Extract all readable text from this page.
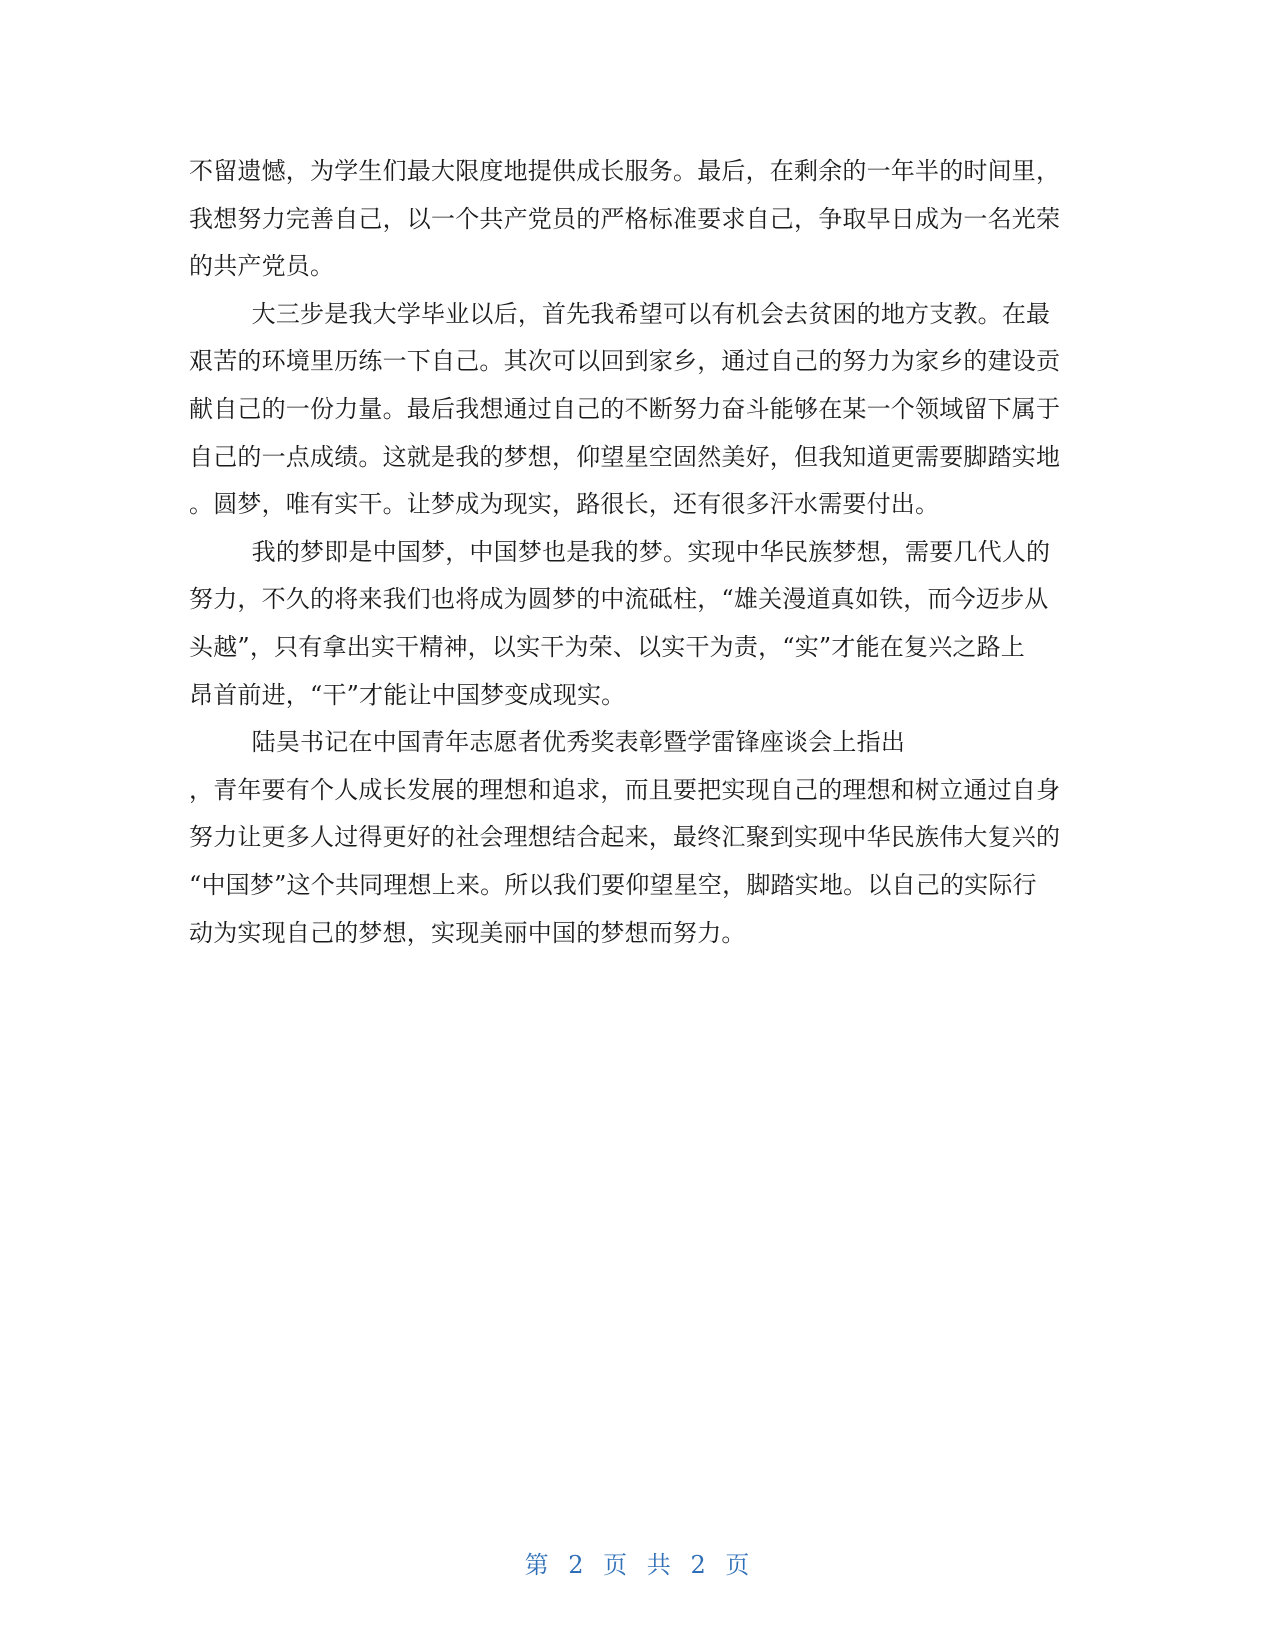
不留遗憾，为学生们最大限度地提供成长服务。最后，在剩余的一年半的时间里，
我想努力完善自己，以一个共产党员的严格标准要求自己，争取早日成为一名光荣
的共产党员。
大三步是我大学毕业以后，首先我希望可以有机会去贫困的地方支教。在最
艰苦的环境里历练一下自己。其次可以回到家乡，通过自己的努力为家乡的建设贡
献自己的一份力量。最后我想通过自己的不断努力奋斗能够在某一个领域留下属于
自己的一点成绩。这就是我的梦想，仰望星空固然美好，但我知道更需要脚踏实地
。圆梦，唯有实干。让梦成为现实，路很长，还有很多汗水需要付出。
我的梦即是中国梦，中国梦也是我的梦。实现中华民族梦想，需要几代人的
努力，不久的将来我们也将成为圆梦的中流砥柱，“雄关漫道真如铁，而今迈步从
头越”，只有拿出实干精神，以实干为荣、以实干为责，“实”才能在复兴之路上
昂首前进，“干”才能让中国梦变成现实。
陆昊书记在中国青年志愿者优秀奖表彰暨学雷锋座谈会上指出
，青年要有个人成长发展的理想和追求，而且要把实现自己的理想和树立通过自身
努力让更多人过得更好的社会理想结合起来，最终汇聚到实现中华民族伟大复兴的
“中国梦”这个共同理想上来。所以我们要仰望星空，脚踏实地。以自己的实际行
动为实现自己的梦想，实现美丽中国的梦想而努力。
第 2 页 共 2 页
